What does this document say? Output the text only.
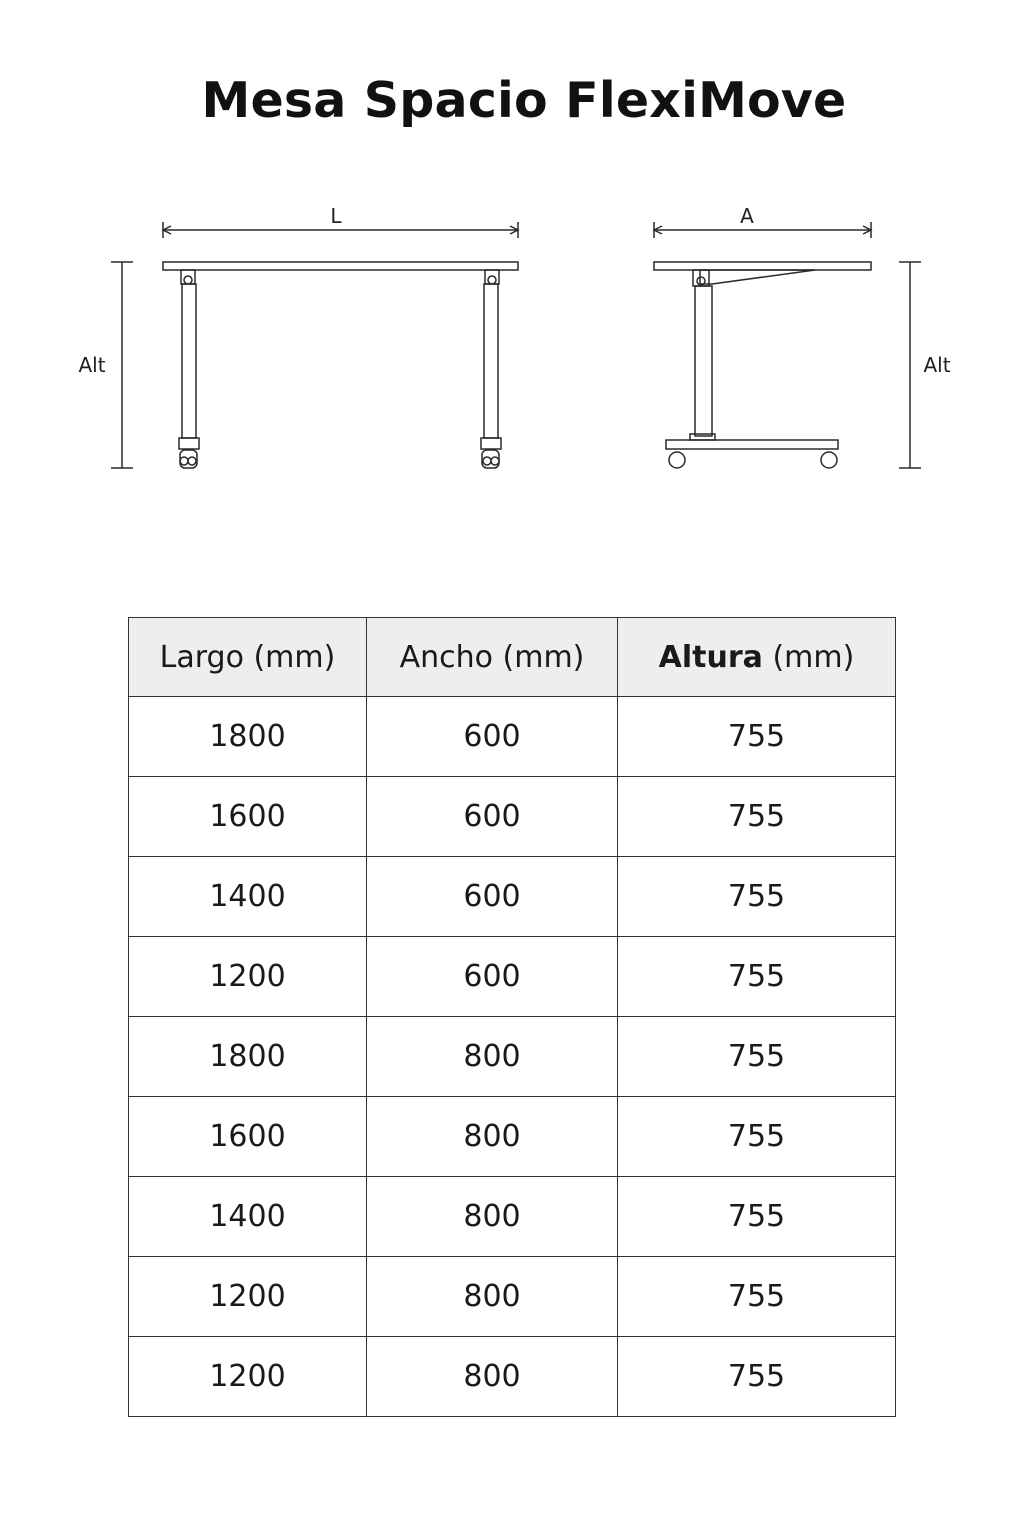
Mesa Spacio FlexiMove
L
Alt
A
Alt
Largo (mm)	Ancho (mm)	Altura (mm)
1800	600	755
1600	600	755
1400	600	755
1200	600	755
1800	800	755
1600	800	755
1400	800	755
1200	800	755
1200	800	755
